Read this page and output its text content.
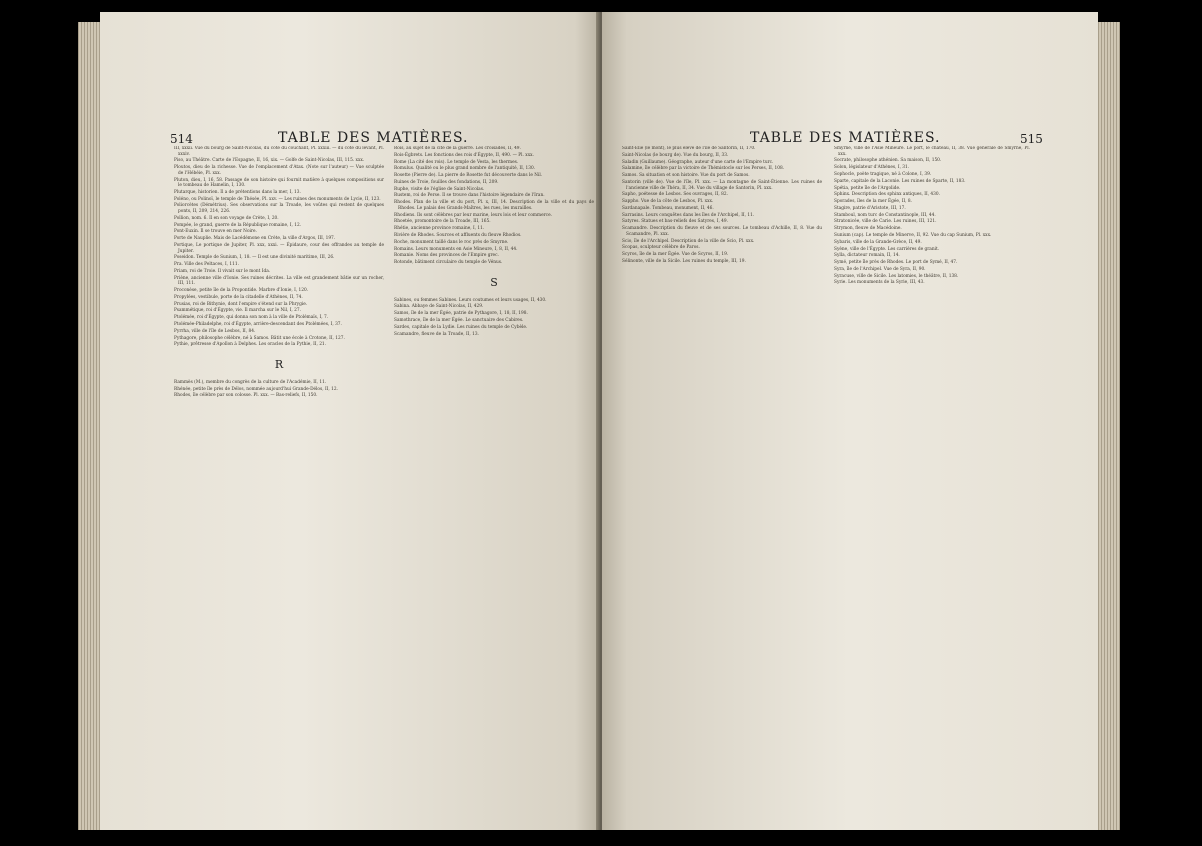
514	TABLE DES MATIÈRES.

III, xxxii. Vue du bourg de Saint-Nicolas, du côté du couchant, Pl. xxxiii. — du côté du levant, Pl. xxxiv.

Piso, au Théâtre. Carte de l'Espagne, II, 16, xix. — Golfe de Saint-Nicolas, III, 115. xxx.

Ploutos, dieu de la richesse. Vue de l'emplacement d'Atax. (Note sur l'auteur) — Vue sculptée de l'Hébéie, Pl. xxx.

Pluton, dieu, I, 16, 58. Passage de son histoire qui fournit matière à quelques compositions sur le tombeau de Hamelin, I, 130.

Plutarque, historien. Il a de prétentions dans la mer, I, 13.

Poléno, ou Polinoï, le temple de Thésée, Pl. xxv. — Les ruines des monuments de Lycie, II, 123.

Poliorcètes (Démétrius). Ses observations sur la Troade, les voûtes qui restent de quelques ponts, II, 209, 214, 226.

Pollion, nom. 6. Il en son voyage de Crète, I, 20.

Pompée, le grand, guerre de la République romaine, I, 12.

Pont-Euxin. Il se trouve en mer Noire.

Porte de Nauplie. Mais de Lacédémone en Crète, la ville d'Argos, III, 197.

Portique, Le portique de Jupiter, Pl. xxx, xxxi. — Épidaure, cour des offrandes au temple de Jupiter.

Poseidon. Temple de Sunium, I, 18. — Il est une divinité maritime, III, 26.

Pra. Ville des Peltaces, I, 111.

Priam, roi de Troie. Il vivait sur le mont Ida.

Priène, ancienne ville d'Ionie. Ses ruines décrites. La ville est grandement bâtie sur un rocher, III, 111.

Proconèse, petite île de la Propontide. Marbre d'Ionie, I, 120.

Propylées, vestibule, porte de la citadelle d'Athènes, II, 74.

Prusias, roi de Bithynie, dont l'empire s'étend sur la Phrygie.

Psammétique, roi d'Égypte, vie. Il marcha sur le Nil, I, 27.

Ptolémée, roi d'Égypte, qui donna son nom à la ville de Ptolémaïs, I, 7.

Ptolémée-Philadelphe, roi d'Égypte, arrière-descendant des Ptolémées, I, 37.

Pyrrha, ville de l'île de Lesbos, II, 84.

Pythagore, philosophe célèbre, né à Samos. Bâtit une école à Crotone, II, 127.

Pythie, prêtresse d'Apollon à Delphes. Les oracles de la Pythie, II, 21.

R

Rammès (M.), membre du congrès de la culture de l'Académie, II, 11.

Rhénée, petite île près de Délos, nommée aujourd'hui Grande-Délos, II, 12.

Rhodes, île célèbre par son colosse. Pl. xxx. — Bas-reliefs, II, 150.

Rois, au sujet de la cité de la guerre. Les croisades, II, 49.

Rois-Égbrets. Les fonctions des rois d'Égypte, II, 490. — Pl. xxx.

Rome (La cité des rois). Le temple de Vesta, les thermes.

Romulus. Qualité ou le plus grand nombre de l'antiquité, II, 130.

Rosette (Pierre de). La pierre de Rosette fut découverte dans le Nil.

Ruines de Troie, fouilles des fondations, II, 209.

Ruphe, visite de l'église de Saint-Nicolas.

Rustem, roi de Perse. Il se trouve dans l'histoire légendaire de l'Iran.

Rhodes. Plan de la ville et du port, Pl. x, III, 14. Description de la ville et du pays de Rhodes. Le palais des Grands-Maîtres, les rues, les murailles.

Rhodiens. Ils sont célèbres par leur marine, leurs lois et leur commerce.

Rhoetée, promontoire de la Troade, III, 165.

Rhétie, ancienne province romaine, I, 11.

Rivière de Rhodes. Sources et affluents du fleuve Rhodios.

Roche, monument taillé dans le roc près de Smyrne.

Romains. Leurs monuments en Asie Mineure, I, 8, II, 44.

Romanie. Noms des provinces de l'Empire grec.

Rotonde, bâtiment circulaire du temple de Vénus.

S

Sabines, ou femmes Sabines. Leurs coutumes et leurs usages, II, 430.

Sabina. Abbaye de Saint-Nicolas, II, 429.

Samos, île de la mer Égée, patrie de Pythagore, I, 18, II, 198.

Samothrace, île de la mer Égée. Le sanctuaire des Cabires.

Sardes, capitale de la Lydie. Les ruines du temple de Cybèle.

Scamandre, fleuve de la Troade, II, 13.

TABLE DES MATIÈRES.	515

Saint-Élie (le mont), le plus élevé de l'île de Santorin, II, 170.

Saint-Nicolas (le bourg de). Vue du bourg, II, 33.

Saladin (Guillaume). Géographe, auteur d'une carte de l'Empire turc.

Salamine, île célèbre par la victoire de Thémistocle sur les Perses, II, 108.

Samos. Sa situation et son histoire. Vue du port de Samos.

Santorin (ville de). Vue de l'île, Pl. xxx. — La montagne de Saint-Étienne. Les ruines de l'ancienne ville de Théra, II, 34. Vue du village de Santorin, Pl. xxx.

Sapho, poétesse de Lesbos. Ses ouvrages, II, 82.

Sappho. Vue de la côte de Lesbos, Pl. xxx.

Sardanapale. Tombeau, monument, II, 46.

Sarrasins. Leurs conquêtes dans les îles de l'Archipel, II, 11.

Satyres. Statues et bas-reliefs des Satyres, I, 49.

Scamandre. Description du fleuve et de ses sources. Le tombeau d'Achille, II, 8. Vue du Scamandre, Pl. xxx.

Scio, île de l'Archipel. Description de la ville de Scio, Pl. xxx.

Scopas, sculpteur célèbre de Paros.

Scyros, île de la mer Égée. Vue de Scyros, II, 19.

Sélinonte, ville de la Sicile. Les ruines du temple, III, 19.

Smyrne, ville de l'Asie Mineure. Le port, le château, II, 38. Vue générale de Smyrne, Pl. xxx.

Socrate, philosophe athénien. Sa maison, II, 150.

Solon, législateur d'Athènes, I, 31.

Sophocle, poète tragique, né à Colone, I, 39.

Sparte, capitale de la Laconie. Les ruines de Sparte, II, 183.

Spétia, petite île de l'Argolide.

Sphinx. Description des sphinx antiques, II, 430.

Sporades, îles de la mer Égée, II, 8.

Stagire, patrie d'Aristote, III, 17.

Stamboul, nom turc de Constantinople, III, 44.

Stratonicée, ville de Carie. Les ruines, III, 121.

Strymon, fleuve de Macédoine.

Sunium (cap). Le temple de Minerve, II, 92. Vue du cap Sunium, Pl. xxx.

Sybaris, ville de la Grande-Grèce, II, 49.

Syène, ville de l'Égypte. Les carrières de granit.

Sylla, dictateur romain, II, 14.

Symé, petite île près de Rhodes. Le port de Symé, II, 47.

Syra, île de l'Archipel. Vue de Syra, II, 90.

Syracuse, ville de Sicile. Les latomies, le théâtre, II, 138.

Syrie. Les monuments de la Syrie, III, 43.
